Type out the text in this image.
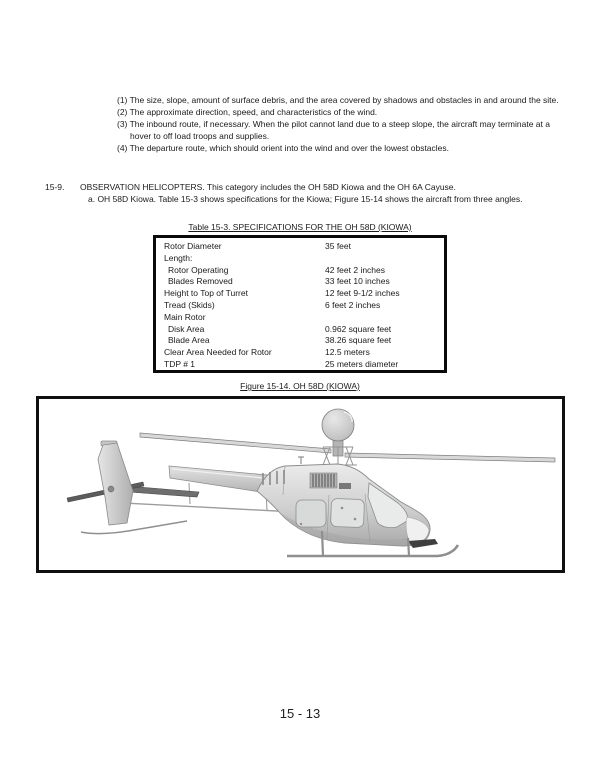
(1) The size, slope, amount of surface debris, and the area covered by shadows and obstacles in and around the site.
(2) The approximate direction, speed, and characteristics of the wind.
(3) The inbound route, if necessary. When the pilot cannot land due to a steep slope, the aircraft may terminate at a hover to off load troops and supplies.
(4) The departure route, which should orient into the wind and over the lowest obstacles.
15-9. OBSERVATION HELICOPTERS. This category includes the OH 58D Kiowa and the OH 6A Cayuse.
a. OH 58D Kiowa. Table 15-3 shows specifications for the Kiowa; Figure 15-14 shows the aircraft from three angles.
Table 15-3. SPECIFICATIONS FOR THE OH 58D (KIOWA)
Rotor Diameter	35 feet
Length:
Rotor Operating	42 feet 2 inches
Blades Removed	33 feet 10 inches
Height to Top of Turret	12 feet 9-1/2 inches
Tread (Skids)	6 feet 2 inches
Main Rotor
Disk Area	0.962 square feet
Blade Area	38.26 square feet
Clear Area Needed for Rotor	12.5 meters
TDP # 1	25 meters diameter
Figure 15-14. OH 58D (KIOWA)
15 - 13
